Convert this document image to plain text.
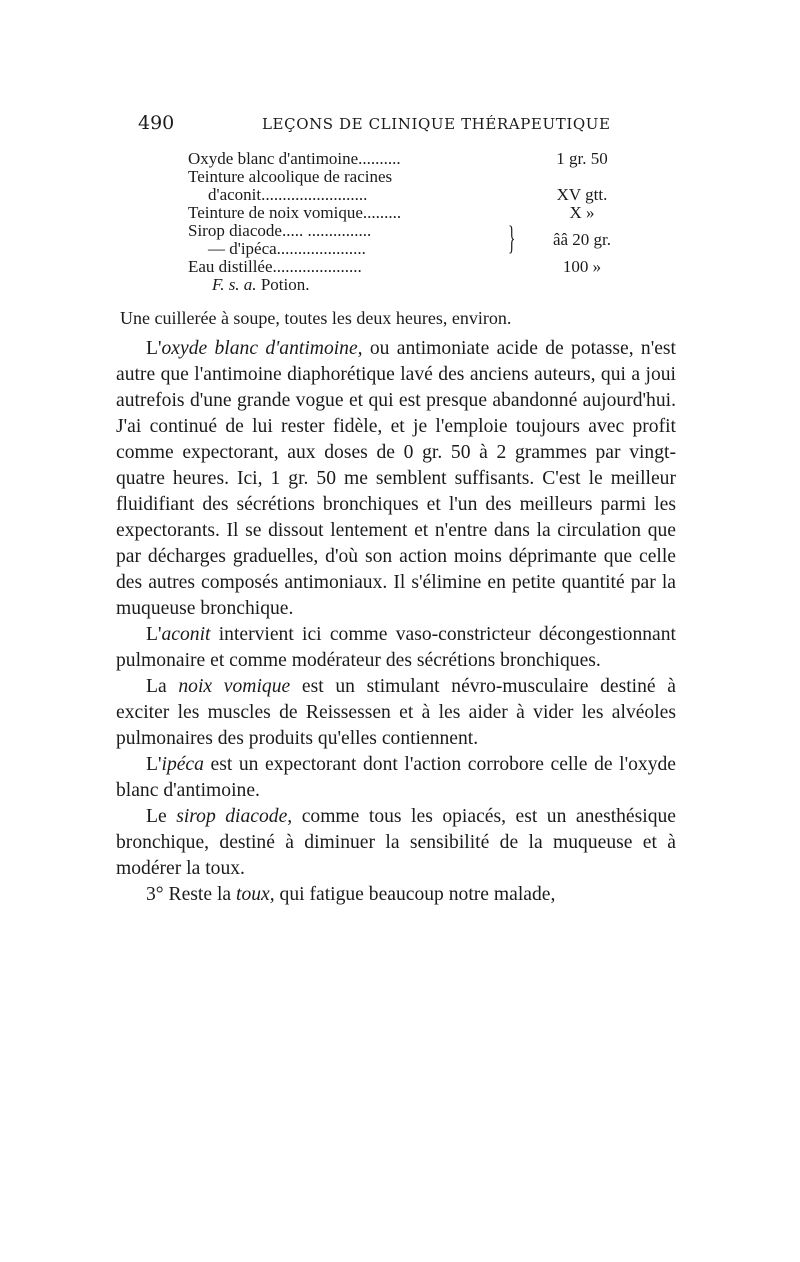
490	LEÇONS DE CLINIQUE THÉRAPEUTIQUE
Oxyde blanc d'antimoine..........	1 gr. 50
Teinture alcoolique de racines
d'aconit.........................	XV gtt.
Teinture de noix vomique.........	X »
Sirop diacode..... ...............
— d'ipéca.....................	}	ââ 20 gr.
Eau distillée.....................	100 »
F. s. a. Potion.
Une cuillerée à soupe, toutes les deux heures, environ.

L'oxyde blanc d'antimoine, ou antimoniate acide de potasse, n'est autre que l'antimoine diaphorétique lavé des anciens auteurs, qui a joui autrefois d'une grande vogue et qui est presque abandonné aujourd'hui. J'ai continué de lui rester fidèle, et je l'emploie toujours avec profit comme expectorant, aux doses de 0 gr. 50 à 2 grammes par vingt-quatre heures. Ici, 1 gr. 50 me semblent suffisants. C'est le meilleur fluidifiant des sécrétions bronchiques et l'un des meilleurs parmi les expectorants. Il se dissout lentement et n'entre dans la circulation que par décharges graduelles, d'où son action moins déprimante que celle des autres composés antimoniaux. Il s'élimine en petite quantité par la muqueuse bronchique.

L'aconit intervient ici comme vaso-constricteur décongestionnant pulmonaire et comme modérateur des sécrétions bronchiques.

La noix vomique est un stimulant névro-musculaire destiné à exciter les muscles de Reissessen et à les aider à vider les alvéoles pulmonaires des produits qu'elles contiennent.

L'ipéca est un expectorant dont l'action corrobore celle de l'oxyde blanc d'antimoine.

Le sirop diacode, comme tous les opiacés, est un anesthésique bronchique, destiné à diminuer la sensibilité de la muqueuse et à modérer la toux.

3° Reste la toux, qui fatigue beaucoup notre malade,
